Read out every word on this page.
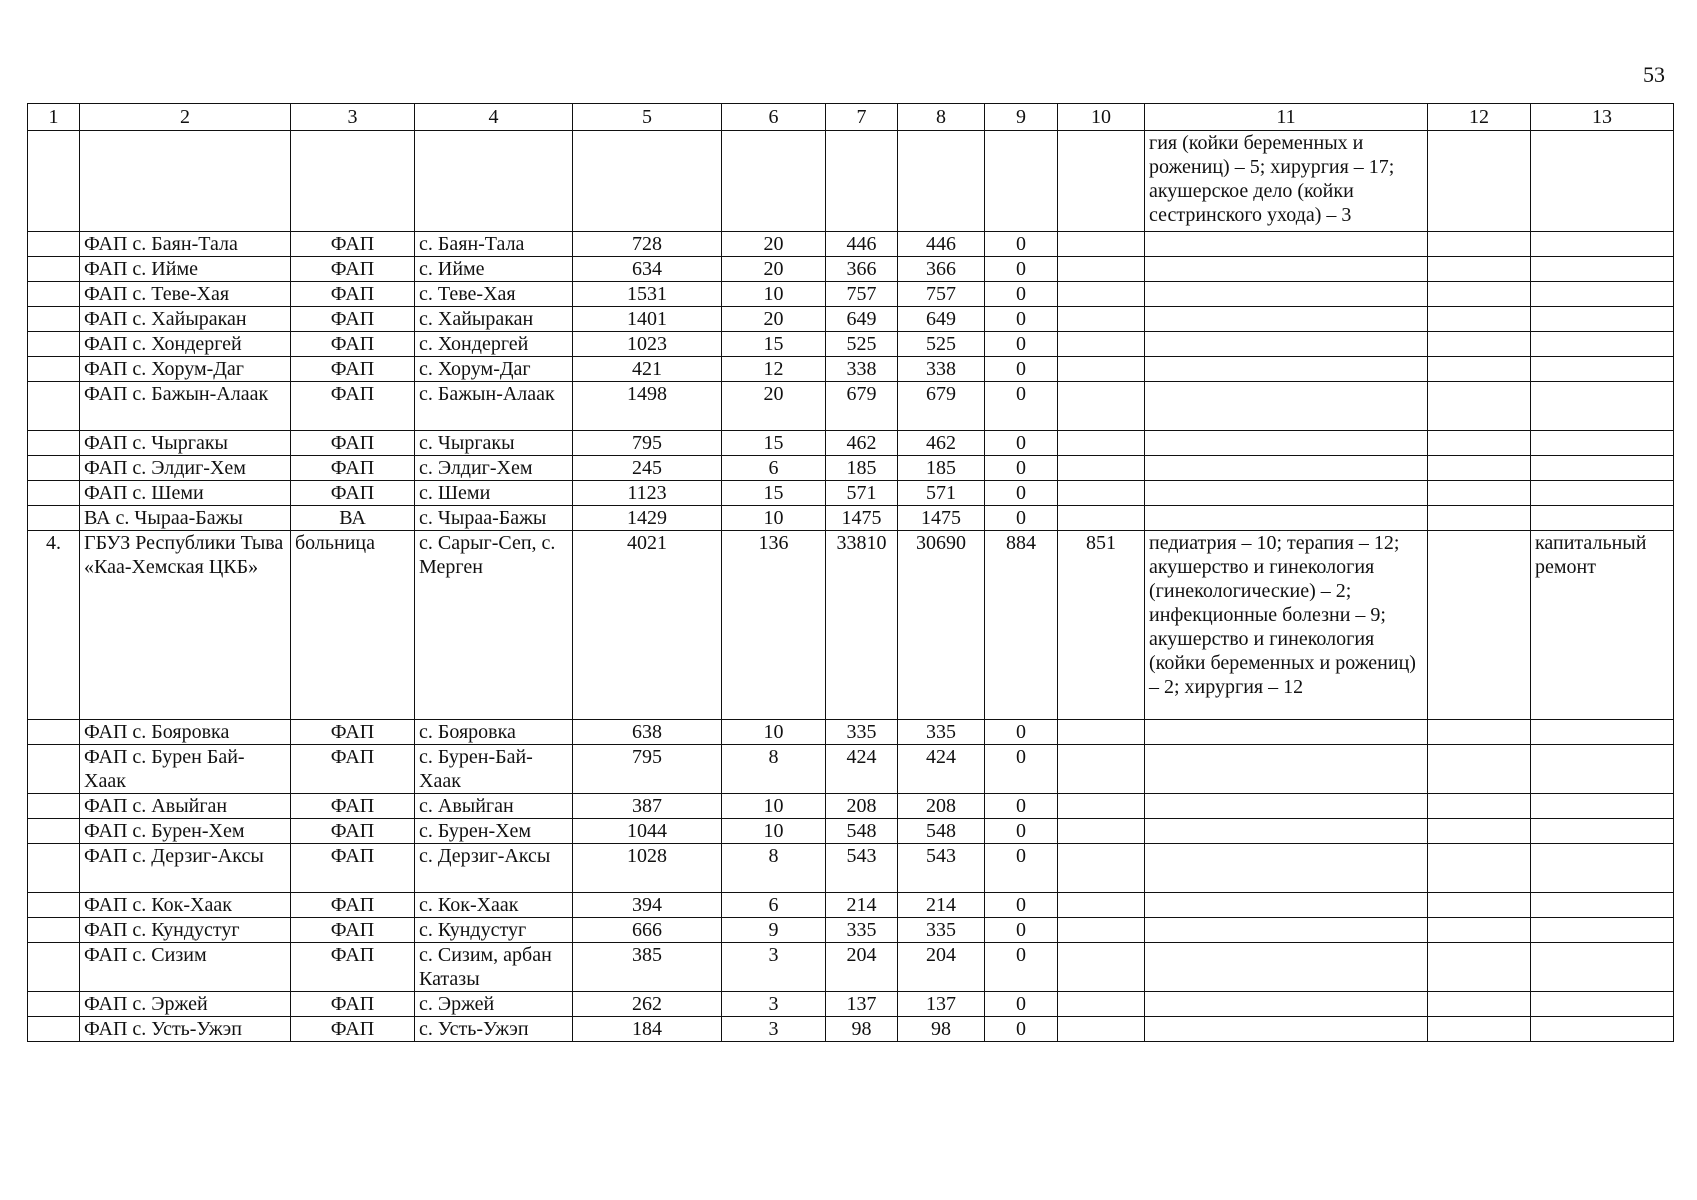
53
1	2	3	4	5	6	7	8	9	10	11	12	13
										гия (койки беременных и рожениц) – 5; хирургия – 17; акушерское дело (койки сестринского ухода) – 3		
	ФАП с. Баян-Тала	ФАП	с. Баян-Тала	728	20	446	446	0				
	ФАП с. Ийме	ФАП	с. Ийме	634	20	366	366	0				
	ФАП с. Теве-Хая	ФАП	с. Теве-Хая	1531	10	757	757	0				
	ФАП с. Хайыракан	ФАП	с. Хайыракан	1401	20	649	649	0				
	ФАП с. Хондергей	ФАП	с. Хондергей	1023	15	525	525	0				
	ФАП с. Хорум-Даг	ФАП	с. Хорум-Даг	421	12	338	338	0				
	ФАП с. Бажын-Алаак	ФАП	с. Бажын-Алаак	1498	20	679	679	0				
	ФАП с. Чыргакы	ФАП	с. Чыргакы	795	15	462	462	0				
	ФАП с. Элдиг-Хем	ФАП	с. Элдиг-Хем	245	6	185	185	0				
	ФАП с. Шеми	ФАП	с. Шеми	1123	15	571	571	0				
	ВА с. Чыраа-Бажы	ВА	с. Чыраа-Бажы	1429	10	1475	1475	0				
4.	ГБУЗ Республики Тыва «Каа-Хемская ЦКБ»	больница	с. Сарыг-Сеп, с. Мерген	4021	136	33810	30690	884	851	педиатрия – 10; терапия – 12; акушерство и гинекология (гинекологические) – 2; инфекционные болезни – 9; акушерство и гинекология (койки беременных и рожениц) – 2; хирургия – 12		капитальный ремонт
	ФАП с. Бояровка	ФАП	с. Бояровка	638	10	335	335	0				
	ФАП с. Бурен Бай-Хаак	ФАП	с. Бурен-Бай-Хаак	795	8	424	424	0				
	ФАП с. Авыйган	ФАП	с. Авыйган	387	10	208	208	0				
	ФАП с. Бурен-Хем	ФАП	с. Бурен-Хем	1044	10	548	548	0				
	ФАП с. Дерзиг-Аксы	ФАП	с. Дерзиг-Аксы	1028	8	543	543	0				
	ФАП с. Кок-Хаак	ФАП	с. Кок-Хаак	394	6	214	214	0				
	ФАП с. Кундустуг	ФАП	с. Кундустуг	666	9	335	335	0				
	ФАП с. Сизим	ФАП	с. Сизим, арбан Катазы	385	3	204	204	0				
	ФАП с. Эржей	ФАП	с. Эржей	262	3	137	137	0				
	ФАП с. Усть-Ужэп	ФАП	с. Усть-Ужэп	184	3	98	98	0				
